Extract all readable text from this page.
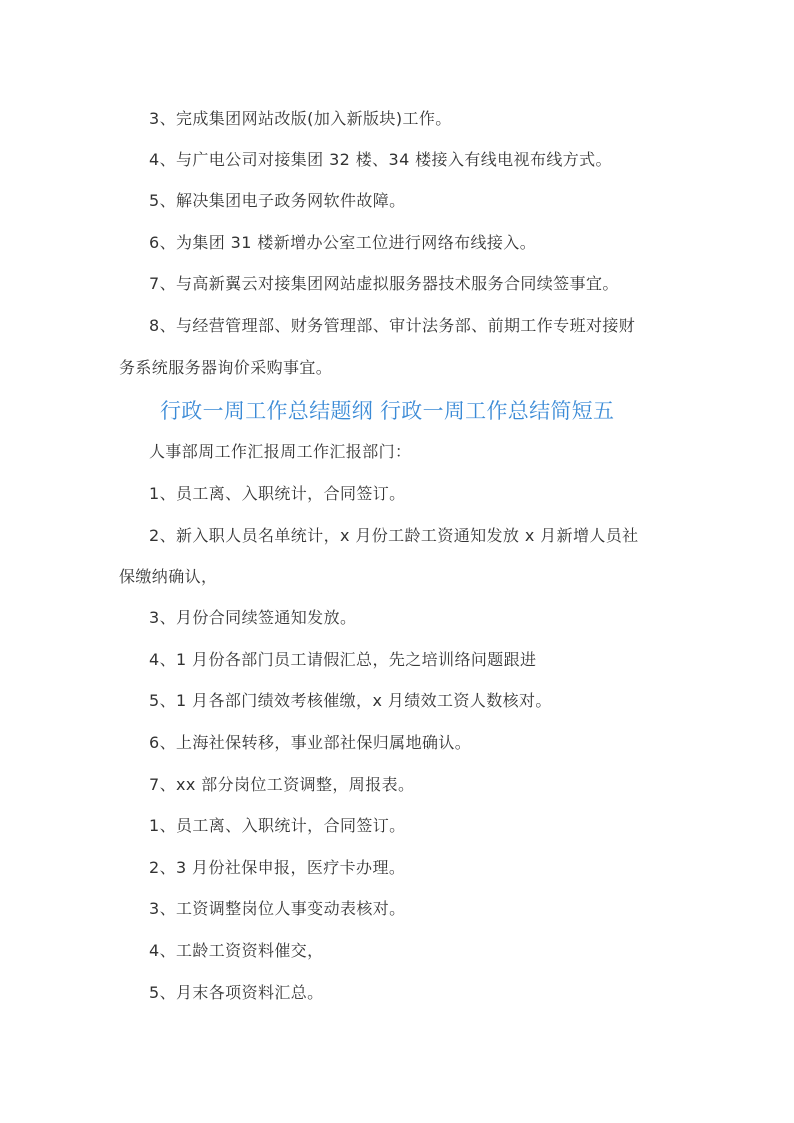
3、完成集团网站改版(加入新版块)工作。
4、与广电公司对接集团 32 楼、34 楼接入有线电视布线方式。
5、解决集团电子政务网软件故障。
6、为集团 31 楼新增办公室工位进行网络布线接入。
7、与高新翼云对接集团网站虚拟服务器技术服务合同续签事宜。
8、与经营管理部、财务管理部、审计法务部、前期工作专班对接财
务系统服务器询价采购事宜。
行政一周工作总结题纲 行政一周工作总结简短五
人事部周工作汇报周工作汇报部门：
1、员工离、入职统计，合同签订。
2、新入职人员名单统计，x 月份工龄工资通知发放 x 月新增人员社
保缴纳确认，
3、月份合同续签通知发放。
4、1 月份各部门员工请假汇总，先之培训络问题跟进
5、1 月各部门绩效考核催缴，x 月绩效工资人数核对。
6、上海社保转移，事业部社保归属地确认。
7、xx 部分岗位工资调整，周报表。
1、员工离、入职统计，合同签订。
2、3 月份社保申报，医疗卡办理。
3、工资调整岗位人事变动表核对。
4、工龄工资资料催交，
5、月末各项资料汇总。
